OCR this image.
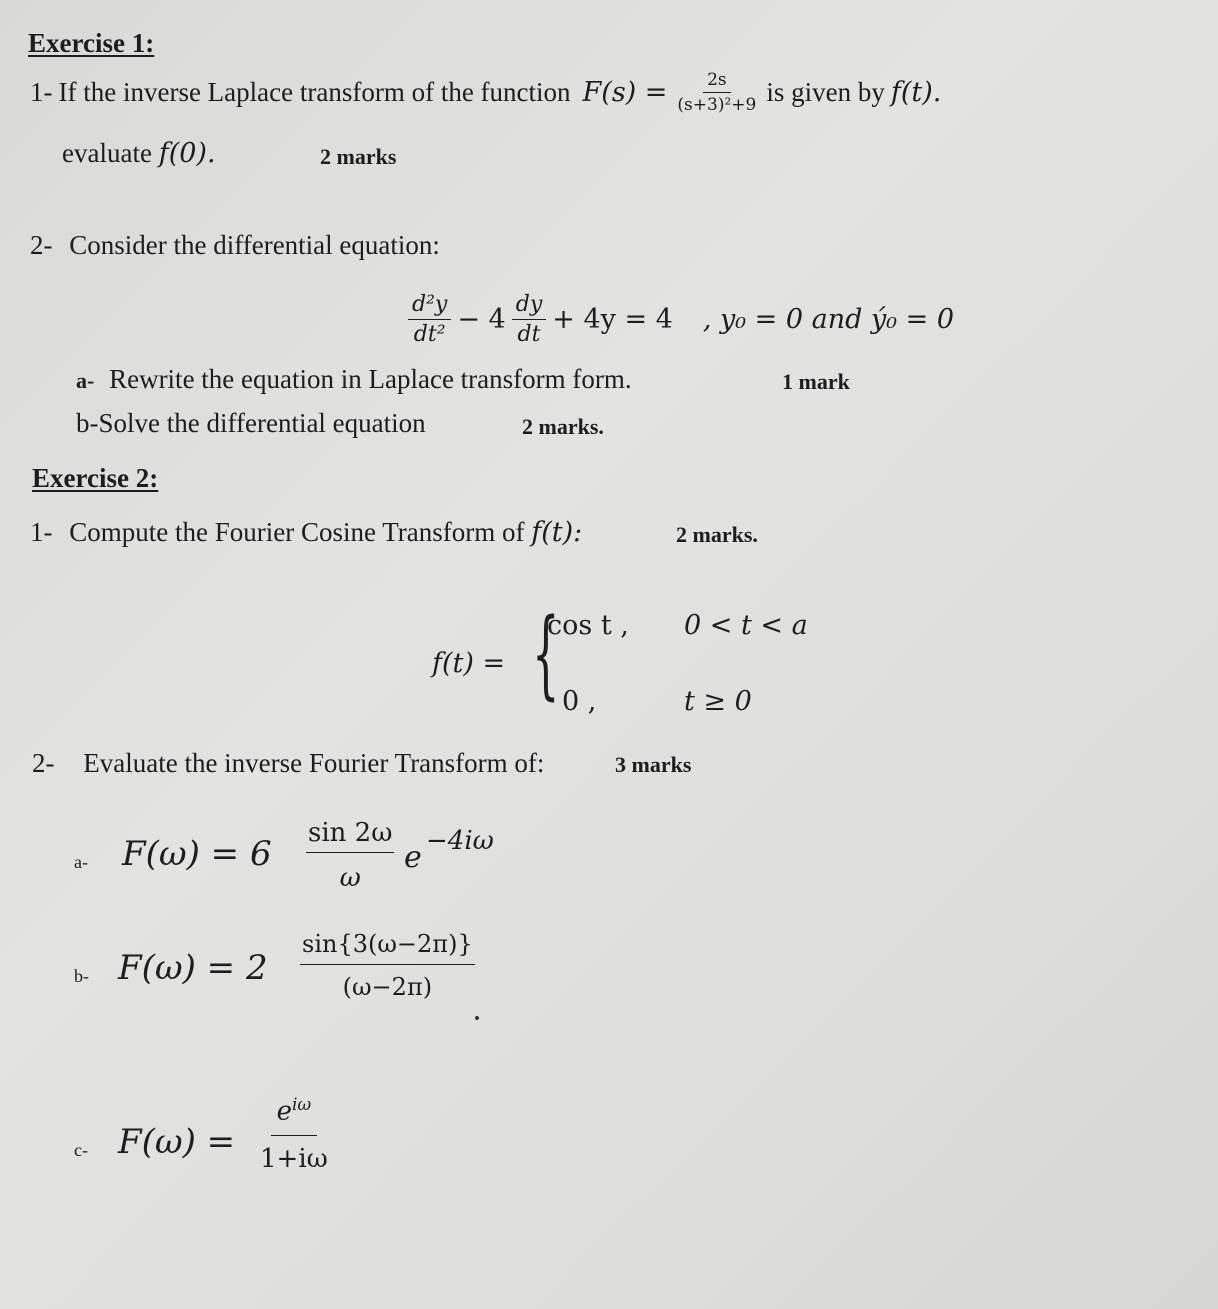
Exercise 1:
1- If the inverse Laplace transform of the function $F(s) = \frac{2s}{\text{(s+3)²+9}}$ is given by f(t).
evaluate f(0).	2 marks
2- Consider the differential equation:
$\frac{\text{d²y}}{\text{dt²}} - 4 \frac{dy}{dt} + 4y = 4$ , y₀ = 0 and ý₀ = 0
a- Rewrite the equation in Laplace transform form.	1 mark
b-Solve the differential equation	2 marks.
Exercise 2:
1- Compute the Fourier Cosine Transform of f(t):	2 marks.
f(t) = {
cos t , 0 < t < a
0 ,	t ≥ 0
2- Evaluate the inverse Fourier Transform of:	3 marks
a- $F(\omega) = 6 \frac{\sin 2\omega}{\omega}$ e −4iω
b- $F(\omega) = 2 \frac{\sin\{3(\omega-2\pi)\}}{(\omega-2\pi)}$
c- F(ω) =
$e^{i\omega}$
1+iω
